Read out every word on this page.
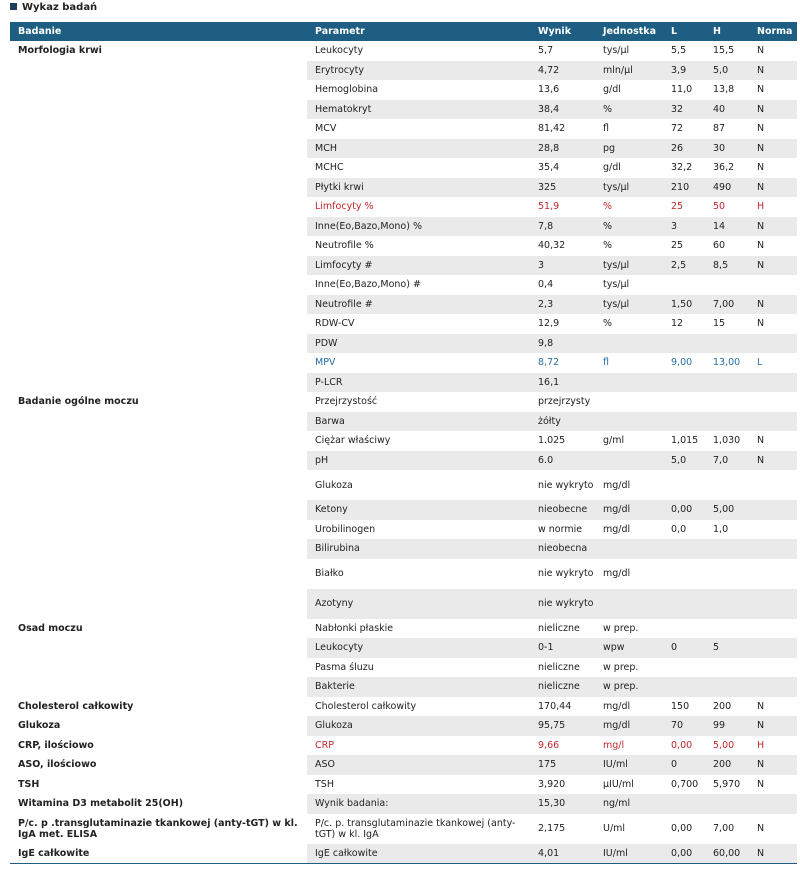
Wykaz badań
Badanie	Parametr	Wynik	Jednostka	L	H	Norma
Morfologia krwi	Leukocyty	5,7	tys/µl	5,5	15,5	N
	Erytrocyty	4,72	mln/µl	3,9	5,0	N
	Hemoglobina	13,6	g/dl	11,0	13,8	N
	Hematokryt	38,4	%	32	40	N
	MCV	81,42	fl	72	87	N
	MCH	28,8	pg	26	30	N
	MCHC	35,4	g/dl	32,2	36,2	N
	Płytki krwi	325	tys/µl	210	490	N
	Limfocyty %	51,9	%	25	50	H
	Inne(Eo,Bazo,Mono) %	7,8	%	3	14	N
	Neutrofile %	40,32	%	25	60	N
	Limfocyty #	3	tys/µl	2,5	8,5	N
	Inne(Eo,Bazo,Mono) #	0,4	tys/µl			
	Neutrofile #	2,3	tys/µl	1,50	7,00	N
	RDW-CV	12,9	%	12	15	N
	PDW	9,8				
	MPV	8,72	fl	9,00	13,00	L
	P-LCR	16,1				
Badanie ogólne moczu	Przejrzystość	przejrzysty				
	Barwa	żółty				
	Ciężar właściwy	1.025	g/ml	1,015	1,030	N
	pH	6.0		5,0	7,0	N
	Glukoza	nie wykryto	mg/dl			
	Ketony	nieobecne	mg/dl	0,00	5,00	
	Urobilinogen	w normie	mg/dl	0,0	1,0	
	Bilirubina	nieobecna				
	Białko	nie wykryto	mg/dl			
	Azotyny	nie wykryto				
Osad moczu	Nabłonki płaskie	nieliczne	w prep.			
	Leukocyty	0-1	wpw	0	5	
	Pasma śluzu	nieliczne	w prep.			
	Bakterie	nieliczne	w prep.			
Cholesterol całkowity	Cholesterol całkowity	170,44	mg/dl	150	200	N
Glukoza	Glukoza	95,75	mg/dl	70	99	N
CRP, ilościowo	CRP	9,66	mg/l	0,00	5,00	H
ASO, ilościowo	ASO	175	IU/ml	0	200	N
TSH	TSH	3,920	µIU/ml	0,700	5,970	N
Witamina D3 metabolit 25(OH)	Wynik badania:	15,30	ng/ml			
P/c. p .transglutaminazie tkankowej (anty-tGT) w kl. IgA met. ELISA	P/c. p. transglutaminazie tkankowej (anty-tGT) w kl. IgA	2,175	U/ml	0,00	7,00	N
IgE całkowite	IgE całkowite	4,01	IU/ml	0,00	60,00	N
